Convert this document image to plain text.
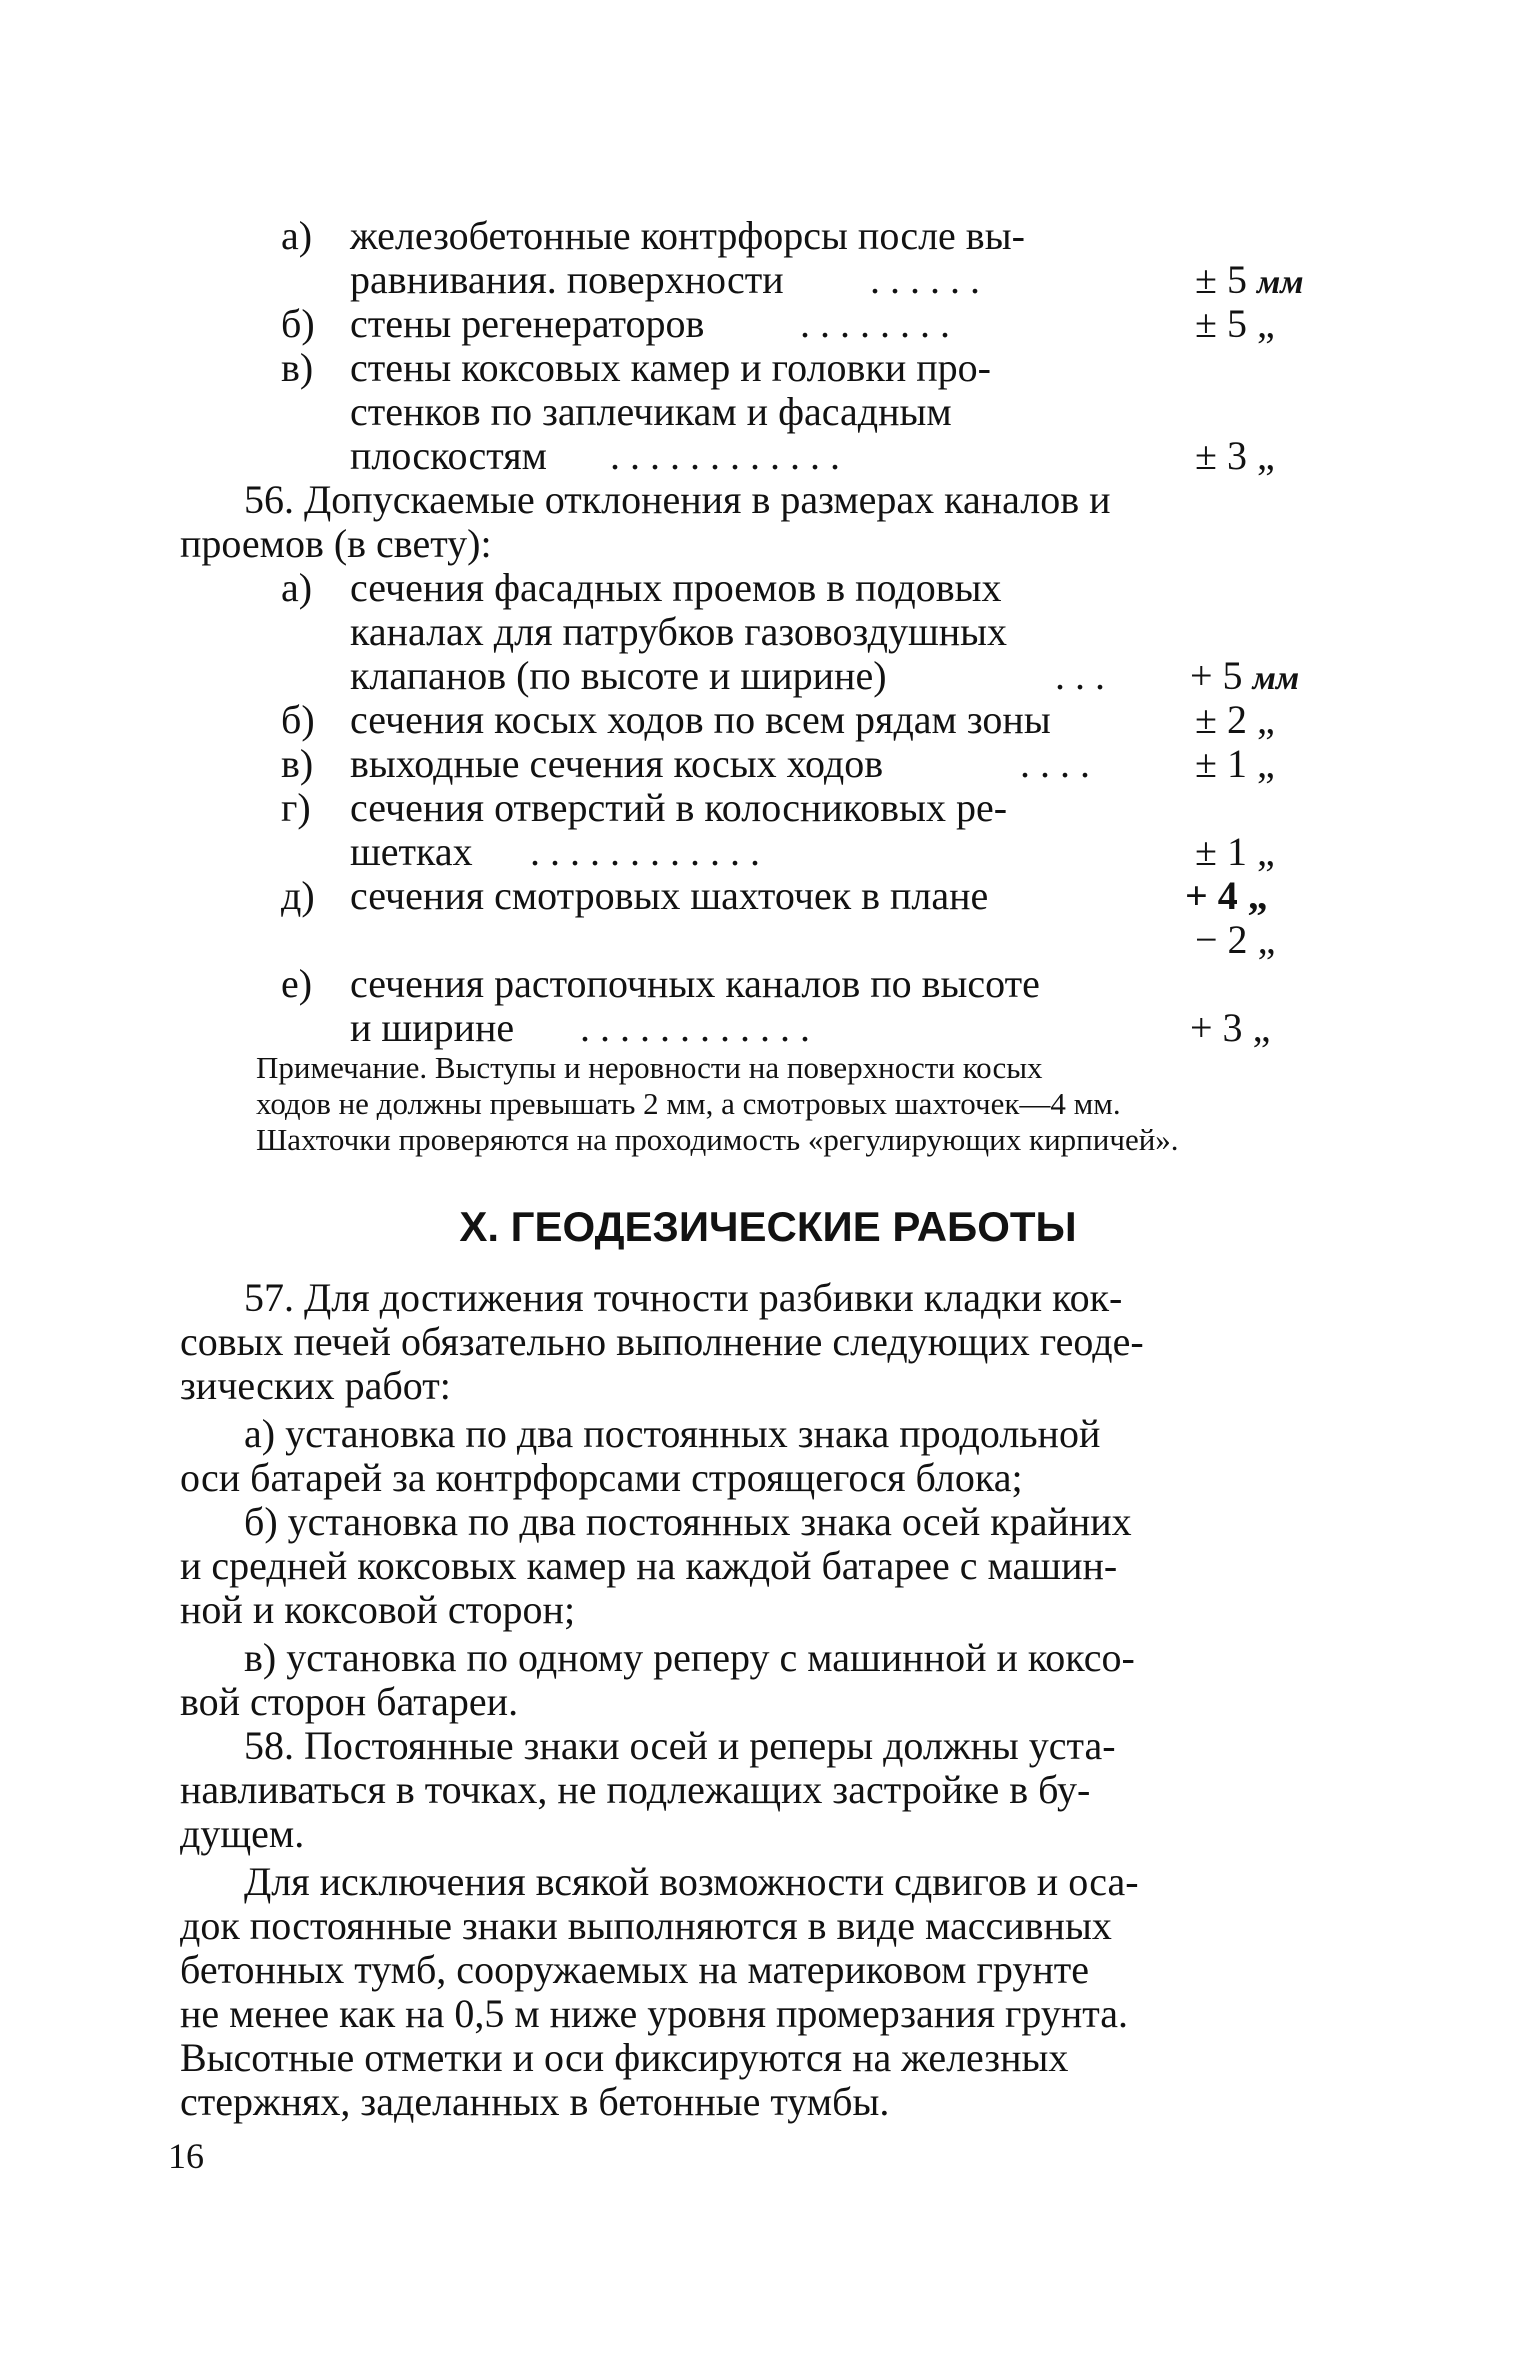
а) железобетонные контрфорсы после вы-
равнивания. поверхности ......	± 5 мм
б) стены регенераторов ........	± 5 „
в) стены коксовых камер и головки про-
стенков по заплечикам и фасадным
плоскостям ............	± 3 „
56. Допускаемые отклонения в размерах каналов и
проемов (в свету):
а) сечения фасадных проемов в подовых
каналах для патрубков газовоздушных
клапанов (по высоте и ширине)	... + 5 мм
б) сечения косых ходов по всем рядам зоны	± 2 „
в) выходные сечения косых ходов	.... ± 1 „
г) сечения отверстий в колосниковых ре-
шетках ............	± 1 „
д) сечения смотровых шахточек в плане	+ 4 „
− 2 „
е) сечения растопочных каналов по высоте
и ширине ............	+ 3 „
Примечание. Выступы и неровности на поверхности косых
ходов не должны превышать 2 мм, а смотровых шахточек—4 мм.
Шахточки проверяются на проходимость «регулирующих кирпичей».
X. ГЕОДЕЗИЧЕСКИЕ РАБОТЫ
57. Для достижения точности разбивки кладки кок-
совых печей обязательно выполнение следующих геоде-
зических работ:
а) установка по два постоянных знака продольной
оси батарей за контрфорсами строящегося блока;
б) установка по два постоянных знака осей крайних
и средней коксовых камер на каждой батарее с машин-
ной и коксовой сторон;
в) установка по одному реперу с машинной и коксо-
вой сторон батареи.
58. Постоянные знаки осей и реперы должны уста-
навливаться в точках, не подлежащих застройке в бу-
дущем.
Для исключения всякой возможности сдвигов и оса-
док постоянные знаки выполняются в виде массивных
бетонных тумб, сооружаемых на материковом грунте
не менее как на 0,5 м ниже уровня промерзания грунта.
Высотные отметки и оси фиксируются на железных
стержнях, заделанных в бетонные тумбы.
16
